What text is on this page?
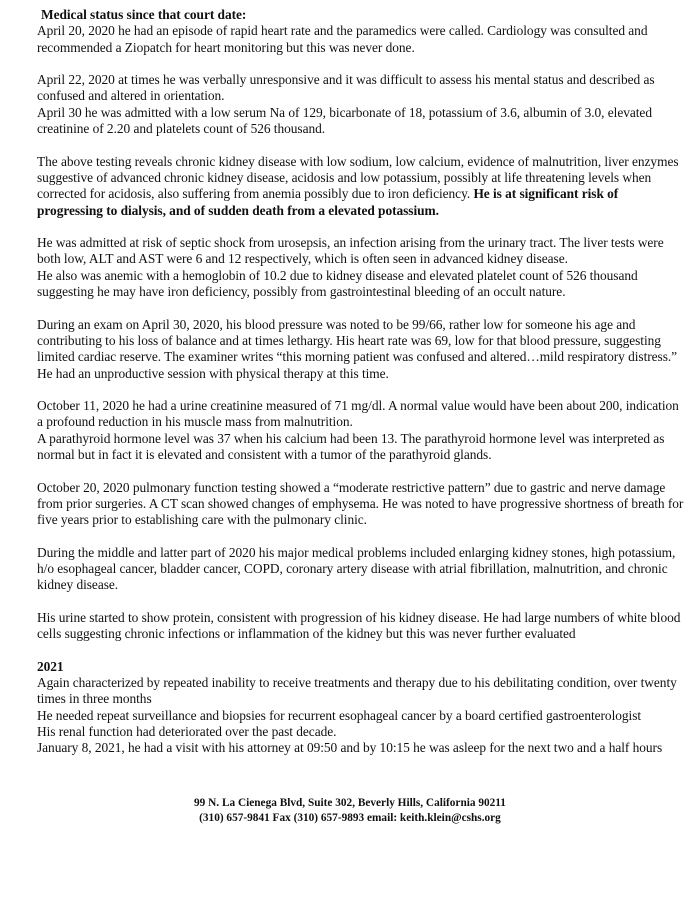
Medical status since that court date:

April 20, 2020 he had an episode of rapid heart rate and the paramedics were called. Cardiology was consulted and recommended a Ziopatch for heart monitoring but this was never done.

April 22, 2020 at times he was verbally unresponsive and it was difficult to assess his mental status and described as confused and altered in orientation.

April 30 he was admitted with a low serum Na of 129, bicarbonate of 18, potassium of 3.6, albumin of 3.0, elevated creatinine of 2.20 and platelets count of 526 thousand.

The above testing reveals chronic kidney disease with low sodium, low calcium, evidence of malnutrition, liver enzymes suggestive of advanced chronic kidney disease, acidosis and low potassium, possibly at life threatening levels when corrected for acidosis, also suffering from anemia possibly due to iron deficiency. He is at significant risk of progressing to dialysis, and of sudden death from a elevated potassium.

He was admitted at risk of septic shock from urosepsis, an infection arising from the urinary tract. The liver tests were both low, ALT and AST were 6 and 12 respectively, which is often seen in advanced kidney disease.

He also was anemic with a hemoglobin of 10.2 due to kidney disease and elevated platelet count of 526 thousand suggesting he may have iron deficiency, possibly from gastrointestinal bleeding of an occult nature.

During an exam on April 30, 2020, his blood pressure was noted to be 99/66, rather low for someone his age and contributing to his loss of balance and at times lethargy. His heart rate was 69, low for that blood pressure, suggesting limited cardiac reserve. The examiner writes “this morning patient was confused and altered…mild respiratory distress.”

He had an unproductive session with physical therapy at this time.

October 11, 2020 he had a urine creatinine measured of 71 mg/dl. A normal value would have been about 200, indication a profound reduction in his muscle mass from malnutrition.

A parathyroid hormone level was 37 when his calcium had been 13. The parathyroid hormone level was interpreted as normal but in fact it is elevated and consistent with a tumor of the parathyroid glands.

October 20, 2020 pulmonary function testing showed a “moderate restrictive pattern” due to gastric and nerve damage from prior surgeries. A CT scan showed changes of emphysema. He was noted to have progressive shortness of breath for five years prior to establishing care with the pulmonary clinic.

During the middle and latter part of 2020 his major medical problems included enlarging kidney stones, high potassium, h/o esophageal cancer, bladder cancer, COPD, coronary artery disease with atrial fibrillation, malnutrition, and chronic kidney disease.

His urine started to show protein, consistent with progression of his kidney disease. He had large numbers of white blood cells suggesting chronic infections or inflammation of the kidney but this was never further evaluated

2021

Again characterized by repeated inability to receive treatments and therapy due to his debilitating condition, over twenty times in three months

He needed repeat surveillance and biopsies for recurrent esophageal cancer by a board certified gastroenterologist

His renal function had deteriorated over the past decade.

January 8, 2021, he had a visit with his attorney at 09:50 and by 10:15 he was asleep for the next two and a half hours

99 N. La Cienega Blvd, Suite 302, Beverly Hills, California 90211
(310) 657-9841 Fax (310) 657-9893 email: keith.klein@cshs.org
